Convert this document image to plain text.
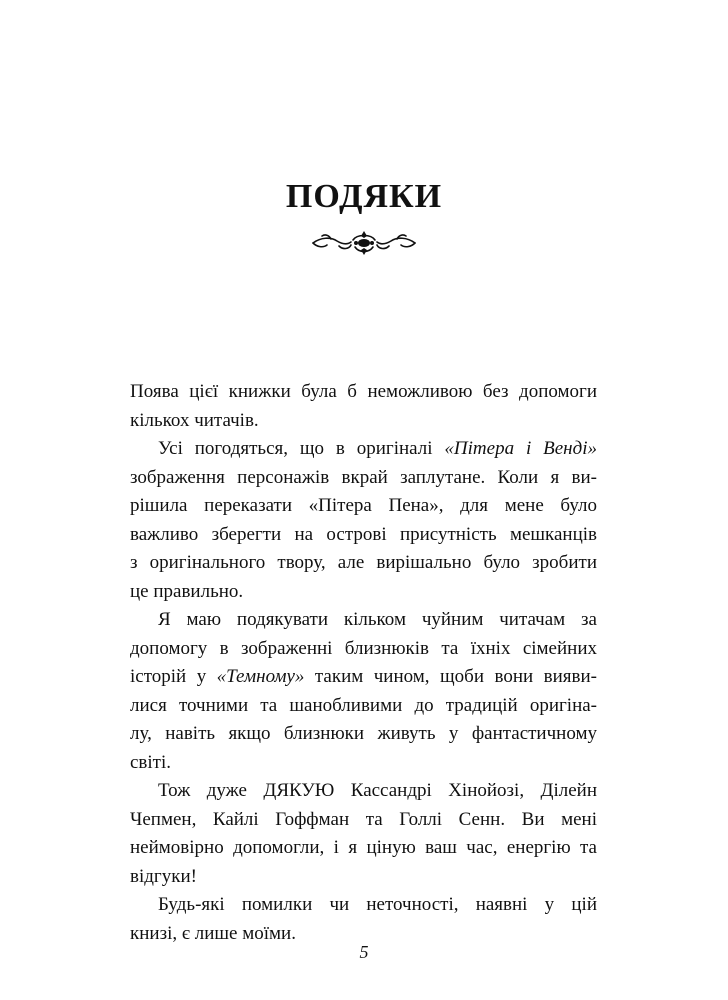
ПОДЯКИ
Поява цієї книжки була б неможливою без допомоги
кількох читачів.
Усі погодяться, що в оригіналі «Пітера і Венді»
зображення персонажів вкрай заплутане. Коли я ви-
рішила переказати «Пітера Пена», для мене було
важливо зберегти на острові присутність мешканців
з оригінального твору, але вирішально було зробити
це правильно.
Я маю подякувати кільком чуйним читачам за
допомогу в зображенні близнюків та їхніх сімейних
історій у «Темному» таким чином, щоби вони вияви-
лися точними та шанобливими до традицій оригіна-
лу, навіть якщо близнюки живуть у фантастичному
світі.
Тож дуже ДЯКУЮ Кассандрі Хінойозі, Ділейн
Чепмен, Кайлі Гоффман та Голлі Сенн. Ви мені
неймовірно допомогли, і я ціную ваш час, енергію та
відгуки!
Будь-які помилки чи неточності, наявні у цій
книзі, є лише моїми.
5
